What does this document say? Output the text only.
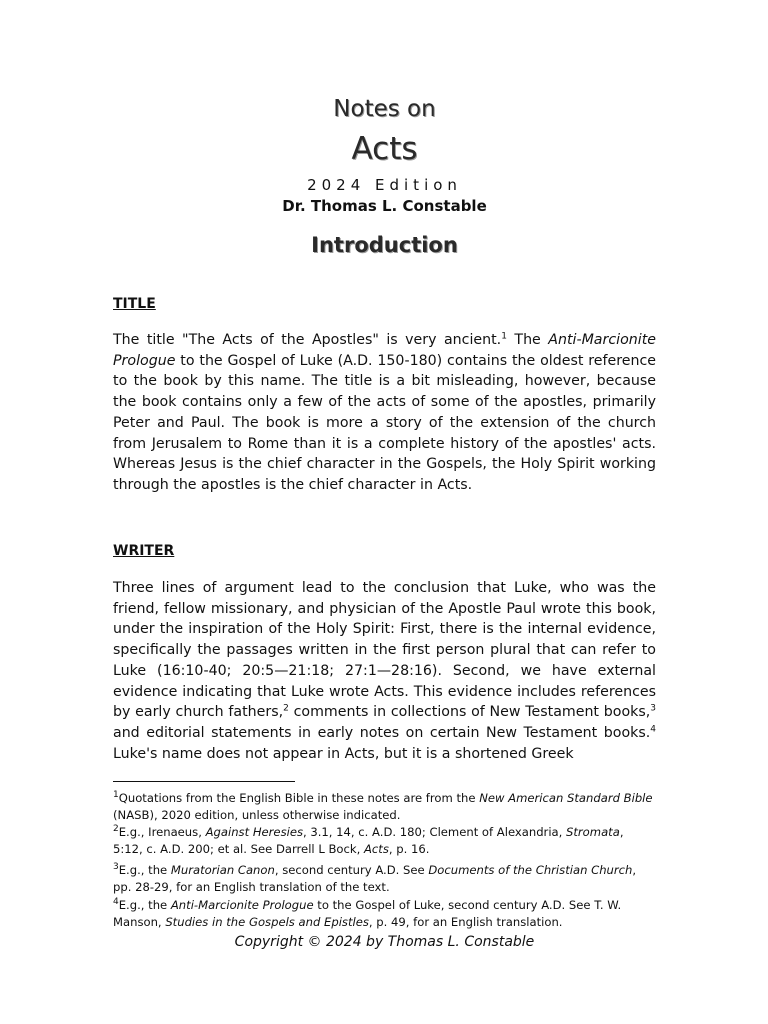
Notes on
Acts
2024 Edition
Dr. Thomas L. Constable
Introduction
TITLE
The title "The Acts of the Apostles" is very ancient.$^1$ The Anti-Marcionite Prologue to the Gospel of Luke (A.D. 150-180) contains the oldest reference to the book by this name. The title is a bit misleading, however, because the book contains only a few of the acts of some of the apostles, primarily Peter and Paul. The book is more a story of the extension of the church from Jerusalem to Rome than it is a complete history of the apostles' acts. Whereas Jesus is the chief character in the Gospels, the Holy Spirit working through the apostles is the chief character in Acts.
WRITER
Three lines of argument lead to the conclusion that Luke, who was the friend, fellow missionary, and physician of the Apostle Paul wrote this book, under the inspiration of the Holy Spirit: First, there is the internal evidence, specifically the passages written in the first person plural that can refer to Luke (16:10-40; 20:5—21:18; 27:1—28:16). Second, we have external evidence indicating that Luke wrote Acts. This evidence includes references by early church fathers,$^2$ comments in collections of New Testament books,$^3$ and editorial statements in early notes on certain New Testament books.$^4$ Luke's name does not appear in Acts, but it is a shortened Greek
$^1$Quotations from the English Bible in these notes are from the New American Standard Bible (NASB), 2020 edition, unless otherwise indicated.
$^2$E.g., Irenaeus, Against Heresies, 3.1, 14, c. A.D. 180; Clement of Alexandria, Stromata, 5:12, c. A.D. 200; et al. See Darrell L Bock, Acts, p. 16.
$^3$E.g., the Muratorian Canon, second century A.D. See Documents of the Christian Church, pp. 28-29, for an English translation of the text.
$^4$E.g., the Anti-Marcionite Prologue to the Gospel of Luke, second century A.D. See T. W. Manson, Studies in the Gospels and Epistles, p. 49, for an English translation.
Copyright © 2024 by Thomas L. Constable
